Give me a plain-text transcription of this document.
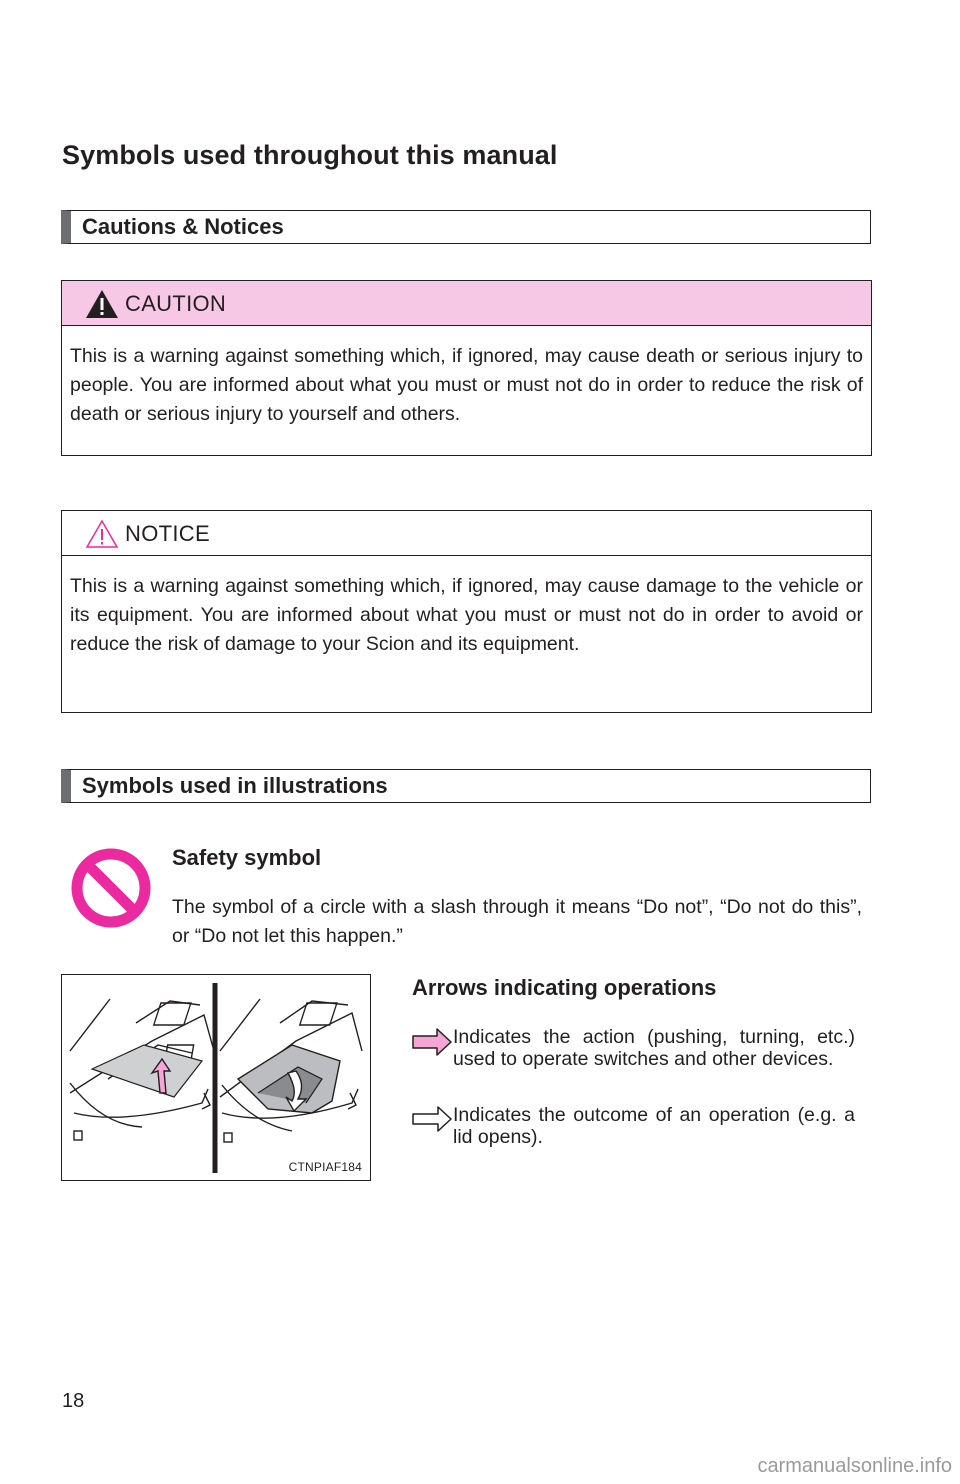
Symbols used throughout this manual
Cautions & Notices
CAUTION
This is a warning against something which, if ignored, may cause death or serious injury to people. You are informed about what you must or must not do in order to reduce the risk of death or serious injury to yourself and others.
NOTICE
This is a warning against something which, if ignored, may cause damage to the vehicle or its equipment. You are informed about what you must or must not do in order to avoid or reduce the risk of damage to your Scion and its equipment.
Symbols used in illustrations
Safety symbol
The symbol of a circle with a slash through it means “Do not”, “Do not do this”, or “Do not let this happen.”
CTNPIAF184
Arrows indicating operations
Indicates the action (pushing, turning, etc.) used to operate switches and other devices.
Indicates the outcome of an operation (e.g. a lid opens).
18
carmanualsonline.info
